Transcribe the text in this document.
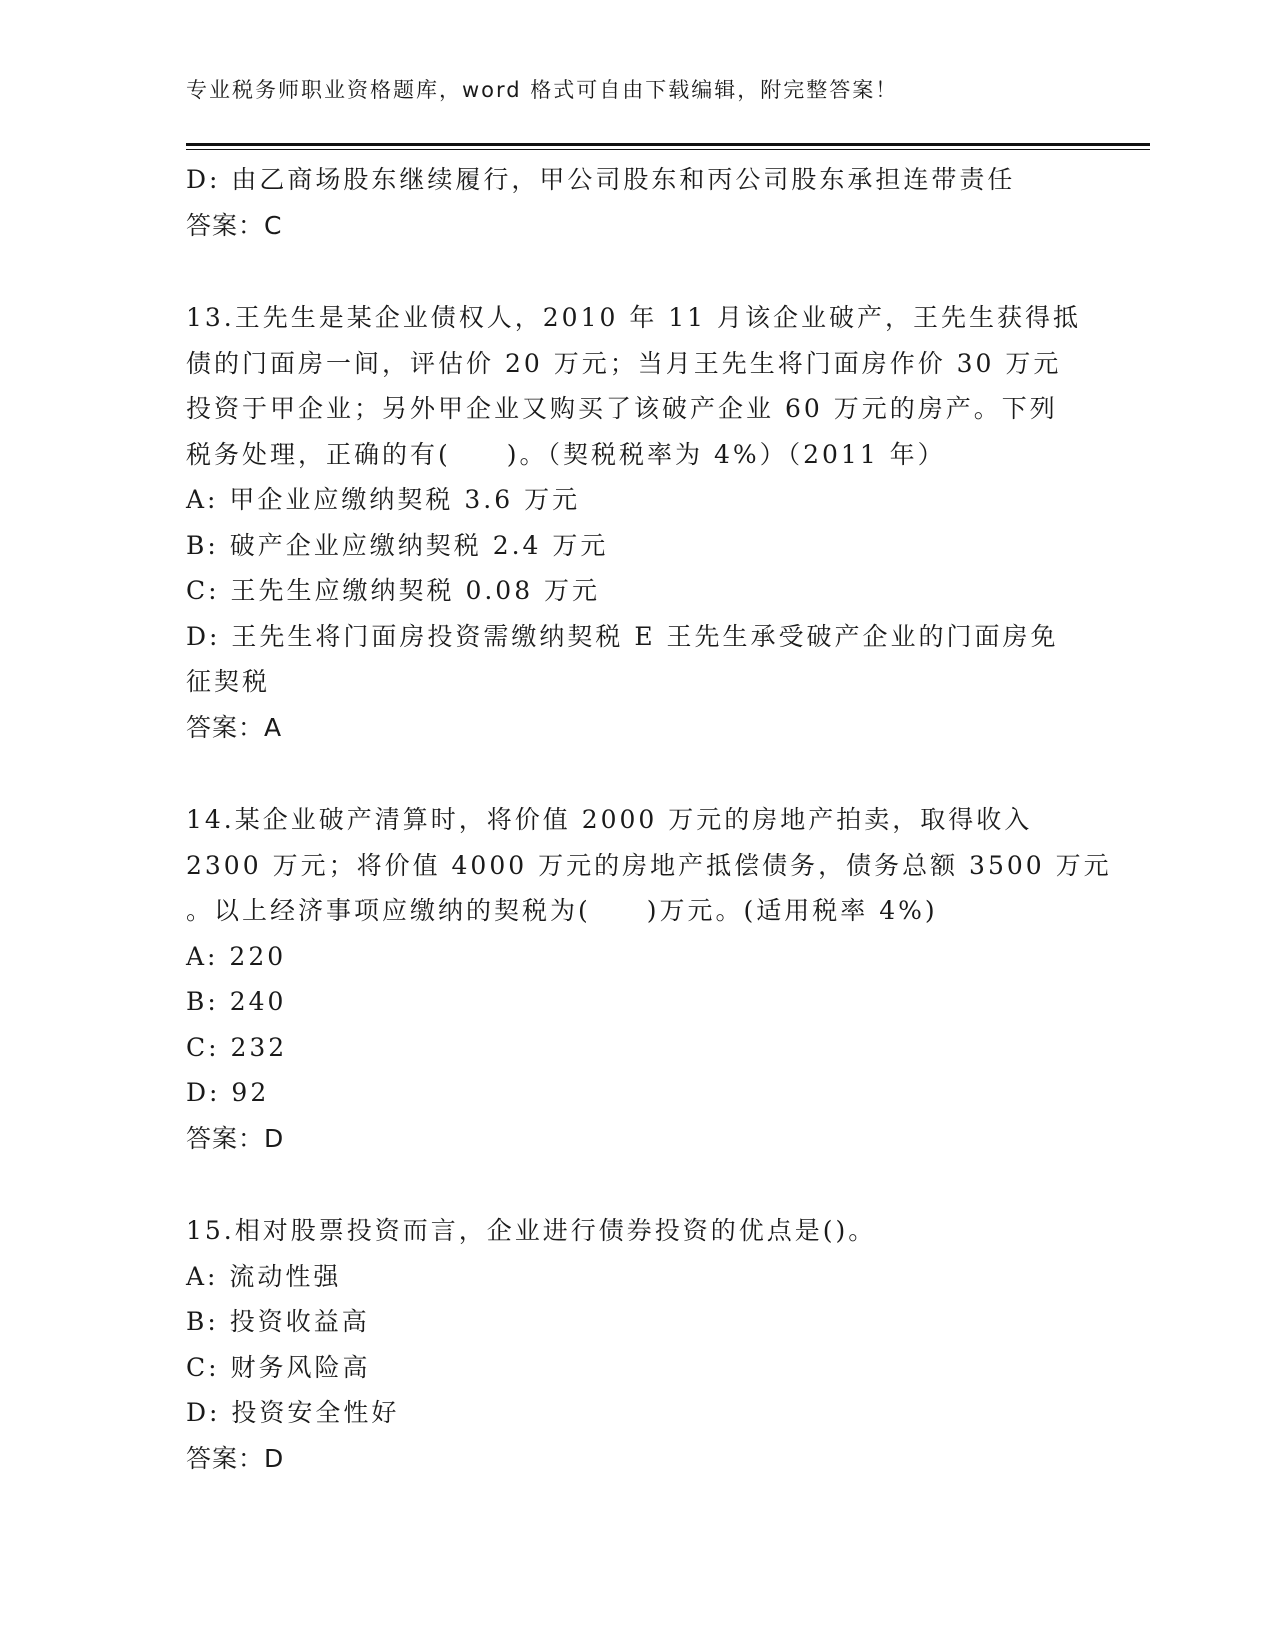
专业税务师职业资格题库，word 格式可自由下载编辑，附完整答案！
D: 由乙商场股东继续履行，甲公司股东和丙公司股东承担连带责任
答案：C
13.王先生是某企业债权人，2010 年 11 月该企业破产，王先生获得抵
债的门面房一间，评估价 20 万元；当月王先生将门面房作价 30 万元
投资于甲企业；另外甲企业又购买了该破产企业 60 万元的房产。下列
税务处理，正确的有(　　)。（契税税率为 4%）（2011 年）
A: 甲企业应缴纳契税 3.6 万元
B: 破产企业应缴纳契税 2.4 万元
C: 王先生应缴纳契税 0.08 万元
D: 王先生将门面房投资需缴纳契税 E 王先生承受破产企业的门面房免
征契税
答案：A
14.某企业破产清算时，将价值 2000 万元的房地产拍卖，取得收入
2300 万元；将价值 4000 万元的房地产抵偿债务，债务总额 3500 万元
。以上经济事项应缴纳的契税为(　　)万元。(适用税率 4%)
A: 220
B: 240
C: 232
D: 92
答案：D
15.相对股票投资而言，企业进行债券投资的优点是()。
A: 流动性强
B: 投资收益高
C: 财务风险高
D: 投资安全性好
答案：D
